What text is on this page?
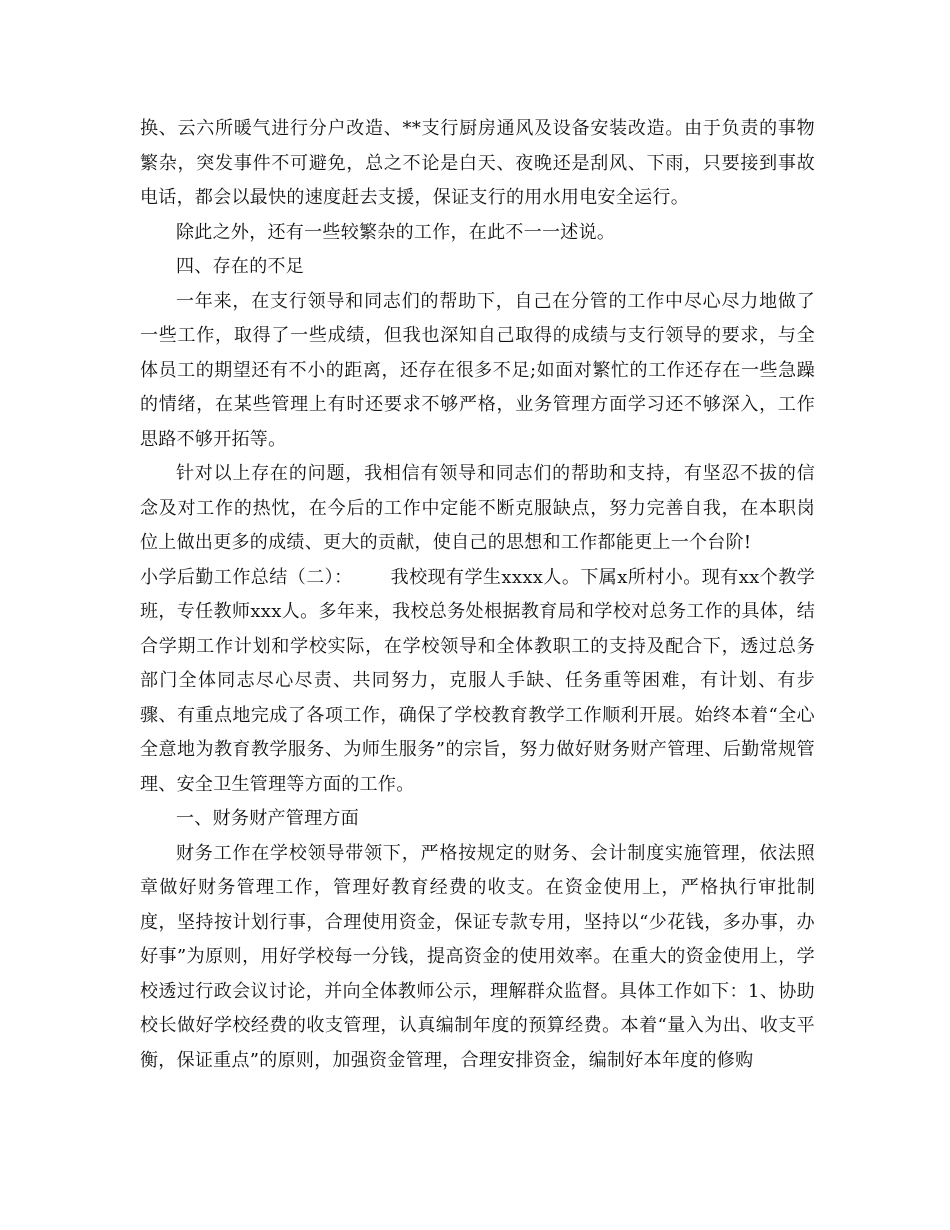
换、云六所暖气进行分户改造、**支行厨房通风及设备安装改造。由于负责的事物繁杂，突发事件不可避免，总之不论是白天、夜晚还是刮风、下雨，只要接到事故电话，都会以最快的速度赶去支援，保证支行的用水用电安全运行。

除此之外，还有一些较繁杂的工作，在此不一一述说。

四、存在的不足

一年来，在支行领导和同志们的帮助下，自己在分管的工作中尽心尽力地做了一些工作，取得了一些成绩，但我也深知自己取得的成绩与支行领导的要求，与全体员工的期望还有不小的距离，还存在很多不足;如面对繁忙的工作还存在一些急躁的情绪，在某些管理上有时还要求不够严格，业务管理方面学习还不够深入，工作思路不够开拓等。

针对以上存在的问题，我相信有领导和同志们的帮助和支持，有坚忍不拔的信念及对工作的热忱，在今后的工作中定能不断克服缺点，努力完善自我，在本职岗位上做出更多的成绩、更大的贡献，使自己的思想和工作都能更上一个台阶!

小学后勤工作总结（二）： 我校现有学生xxxx人。下属x所村小。现有xx个教学班，专任教师xxx人。多年来，我校总务处根据教育局和学校对总务工作的具体，结合学期工作计划和学校实际，在学校领导和全体教职工的支持及配合下，透过总务部门全体同志尽心尽责、共同努力，克服人手缺、任务重等困难，有计划、有步骤、有重点地完成了各项工作，确保了学校教育教学工作顺利开展。始终本着“全心全意地为教育教学服务、为师生服务”的宗旨，努力做好财务财产管理、后勤常规管理、安全卫生管理等方面的工作。

一、财务财产管理方面

财务工作在学校领导带领下，严格按规定的财务、会计制度实施管理，依法照章做好财务管理工作，管理好教育经费的收支。在资金使用上，严格执行审批制度，坚持按计划行事，合理使用资金，保证专款专用，坚持以“少花钱，多办事，办好事”为原则，用好学校每一分钱，提高资金的使用效率。在重大的资金使用上，学校透过行政会议讨论，并向全体教师公示，理解群众监督。具体工作如下：1、协助校长做好学校经费的收支管理，认真编制年度的预算经费。本着“量入为出、收支平衡，保证重点”的原则，加强资金管理，合理安排资金，编制好本年度的修购
